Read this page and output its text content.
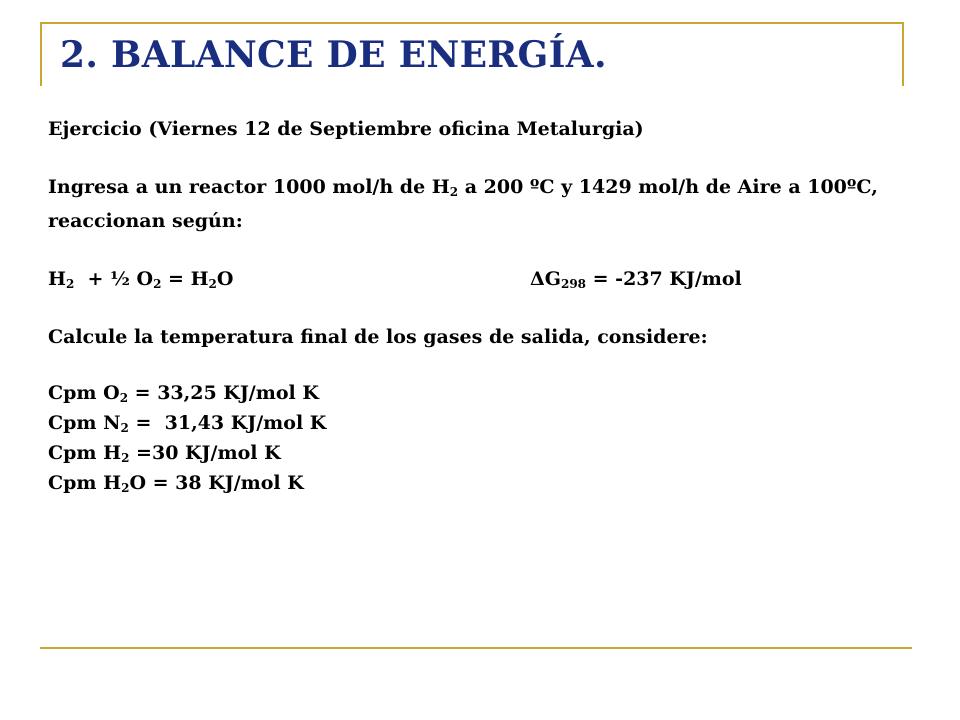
2. BALANCE DE ENERGÍA.
Ejercicio (Viernes 12 de Septiembre oficina Metalurgia)
Ingresa a un reactor 1000 mol/h de $H_2$ a 200 ºC y 1429 mol/h de Aire a 100ºC, reaccionan según:
$H_2$  + ½ $O_2 = H_2O$	$\Delta G_{298} = -237$ KJ/mol
Calcule la temperatura final de los gases de salida, considere:
Cpm $O_2 = 33,25$ KJ/mol K
Cpm $N_2 = 31,43$ KJ/mol K
Cpm $H_2 =30$ KJ/mol K
Cpm $H_2O = 38$ KJ/mol K
